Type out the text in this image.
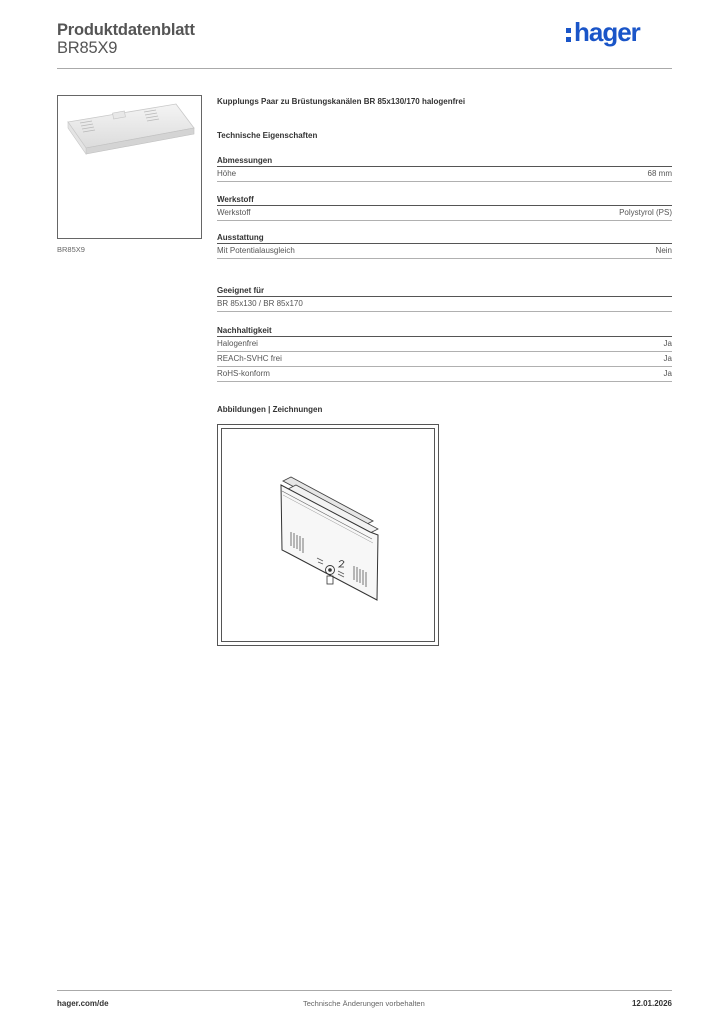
Produktdatenblatt
BR85X9
hager
BR85X9
Kupplungs Paar zu Brüstungskanälen BR 85x130/170 halogenfrei
Technische Eigenschaften
Abmessungen
Höhe	68 mm
Werkstoff
Werkstoff	Polystyrol (PS)
Ausstattung
Mit Potentialausgleich	Nein
Geeignet für
BR 85x130 / BR 85x170
Nachhaltigkeit
Halogenfrei	Ja
REACh-SVHC frei	Ja
RoHS-konform	Ja
Abbildungen | Zeichnungen
hager.com/de	Technische Änderungen vorbehalten	12.01.2026
